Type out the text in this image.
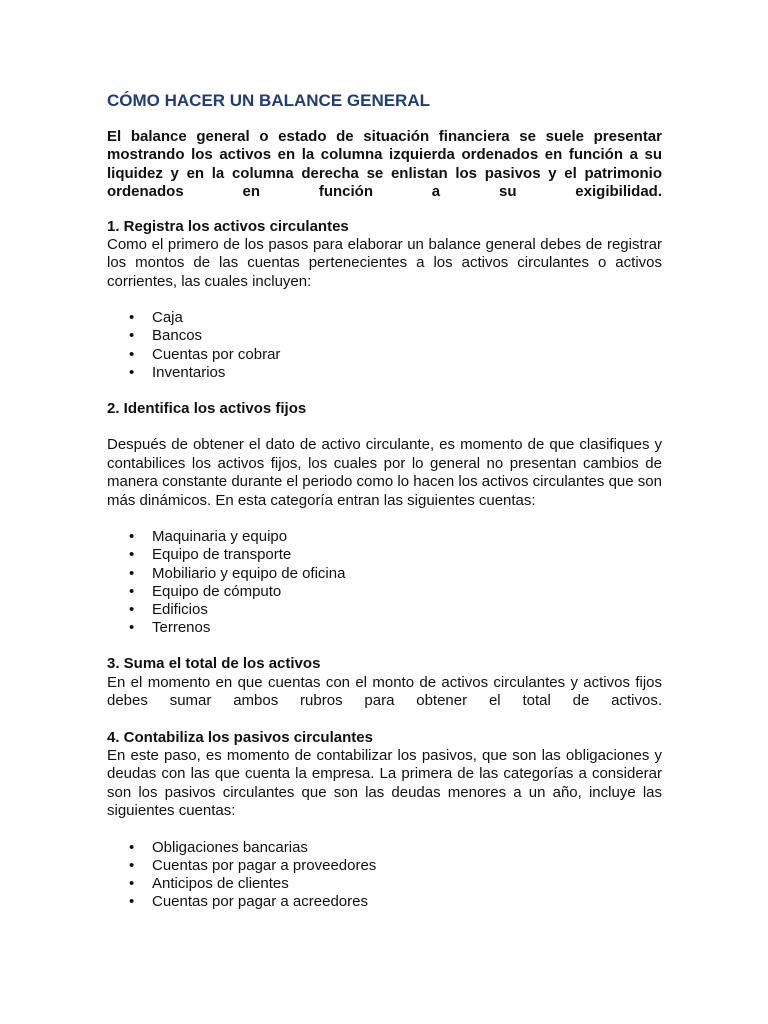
CÓMO HACER UN BALANCE GENERAL

El balance general o estado de situación financiera se suele presentar mostrando los activos en la columna izquierda ordenados en función a su liquidez y en la columna derecha se enlistan los pasivos y el patrimonio ordenados en función a su exigibilidad.

1. Registra los activos circulantes

Como el primero de los pasos para elaborar un balance general debes de registrar los montos de las cuentas pertenecientes a los activos circulantes o activos corrientes, las cuales incluyen:

• Caja
• Bancos
• Cuentas por cobrar
• Inventarios

2. Identifica los activos fijos

Después de obtener el dato de activo circulante, es momento de que clasifiques y contabilices los activos fijos, los cuales por lo general no presentan cambios de manera constante durante el periodo como lo hacen los activos circulantes que son más dinámicos. En esta categoría entran las siguientes cuentas:

• Maquinaria y equipo
• Equipo de transporte
• Mobiliario y equipo de oficina
• Equipo de cómputo
• Edificios
• Terrenos

3. Suma el total de los activos

En el momento en que cuentas con el monto de activos circulantes y activos fijos debes sumar ambos rubros para obtener el total de activos.

4. Contabiliza los pasivos circulantes

En este paso, es momento de contabilizar los pasivos, que son las obligaciones y deudas con las que cuenta la empresa. La primera de las categorías a considerar son los pasivos circulantes que son las deudas menores a un año, incluye las siguientes cuentas:

• Obligaciones bancarias
• Cuentas por pagar a proveedores
• Anticipos de clientes
• Cuentas por pagar a acreedores
